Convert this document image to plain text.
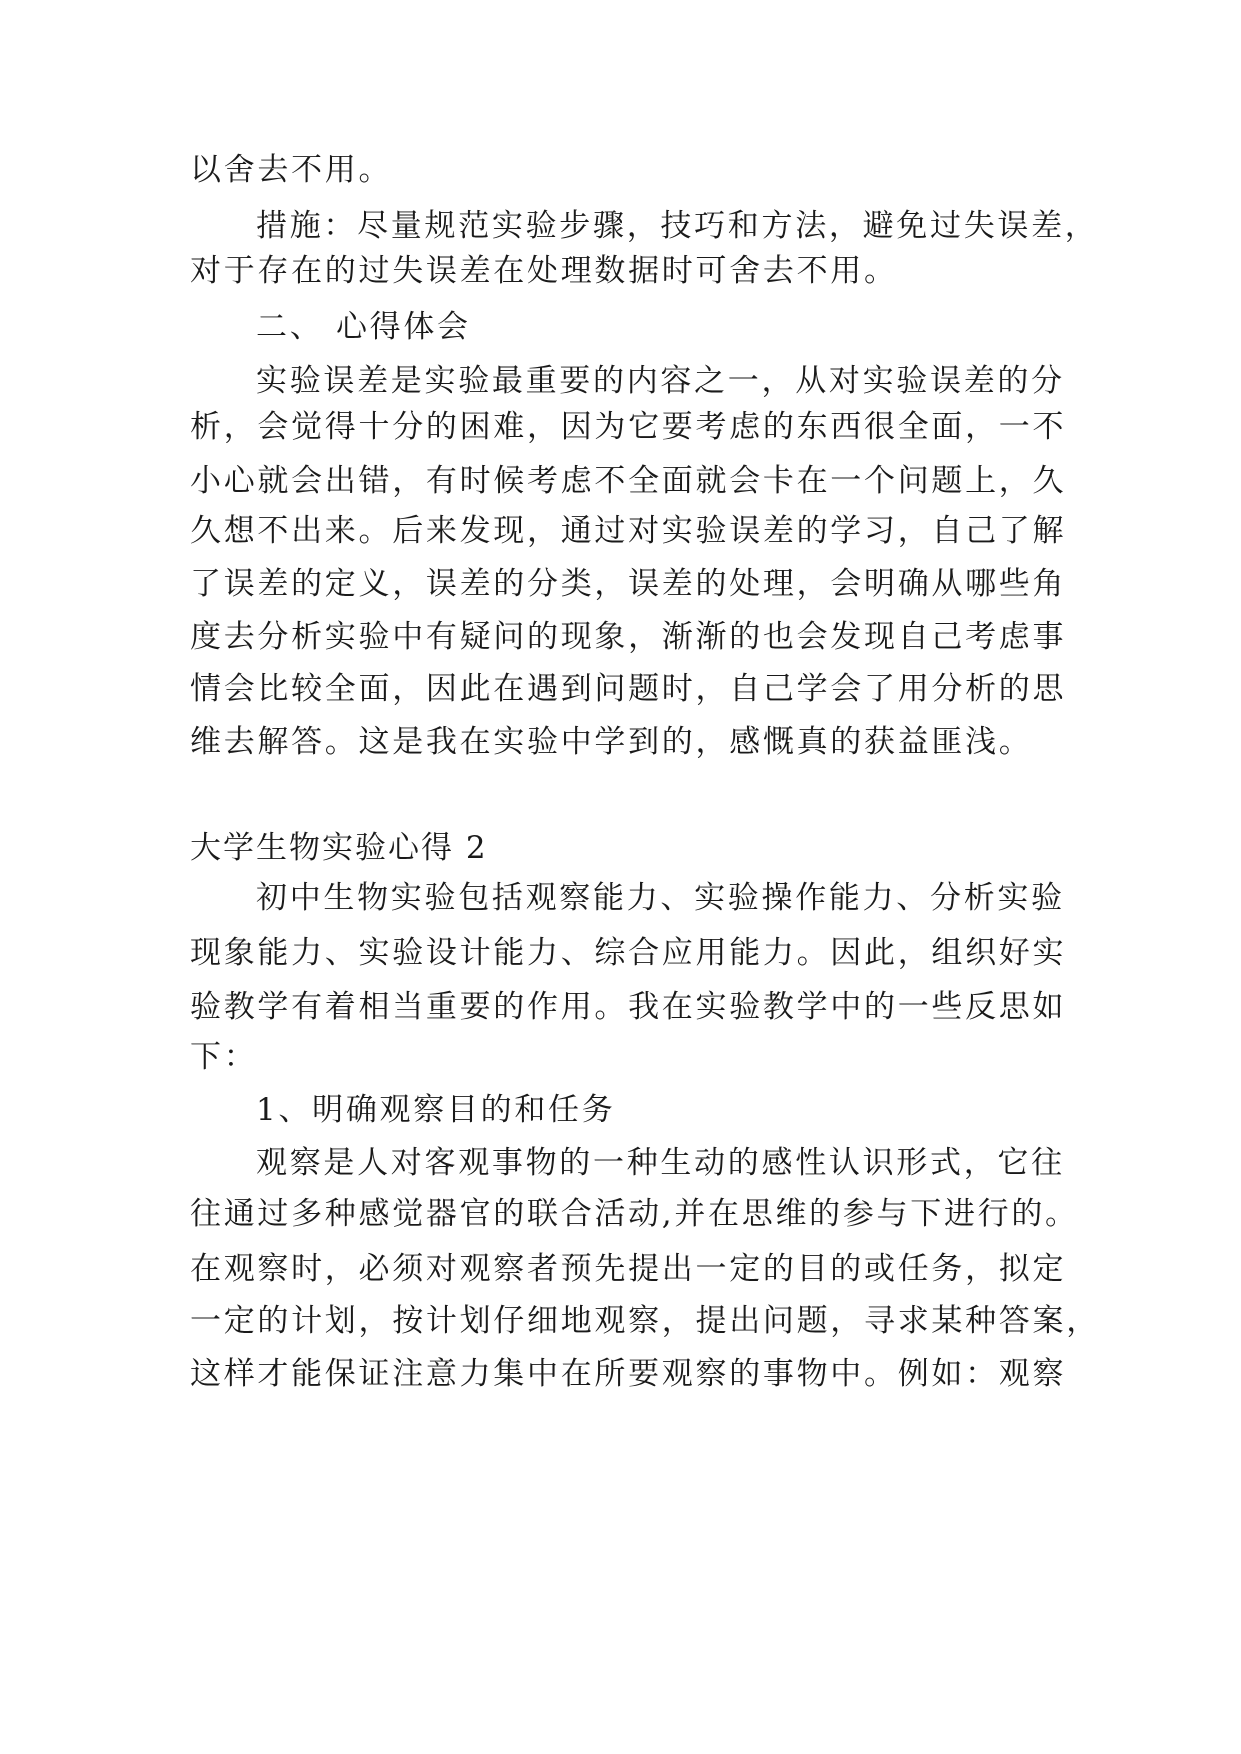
以舍去不用。

措施：尽量规范实验步骤，技巧和方法，避免过失误差，

对于存在的过失误差在处理数据时可舍去不用。

二、 心得体会

实验误差是实验最重要的内容之一，从对实验误差的分

析，会觉得十分的困难，因为它要考虑的东西很全面，一不

小心就会出错，有时候考虑不全面就会卡在一个问题上，久

久想不出来。后来发现，通过对实验误差的学习，自己了解

了误差的定义，误差的分类，误差的处理，会明确从哪些角

度去分析实验中有疑问的现象，渐渐的也会发现自己考虑事

情会比较全面，因此在遇到问题时，自己学会了用分析的思

维去解答。这是我在实验中学到的，感慨真的获益匪浅。

大学生物实验心得 2

初中生物实验包括观察能力、实验操作能力、分析实验

现象能力、实验设计能力、综合应用能力。因此，组织好实

验教学有着相当重要的作用。我在实验教学中的一些反思如

下：

1、明确观察目的和任务

观察是人对客观事物的一种生动的感性认识形式，它往

往通过多种感觉器官的联合活动,并在思维的参与下进行的。

在观察时，必须对观察者预先提出一定的目的或任务，拟定

一定的计划，按计划仔细地观察，提出问题，寻求某种答案，

这样才能保证注意力集中在所要观察的事物中。例如：观察
